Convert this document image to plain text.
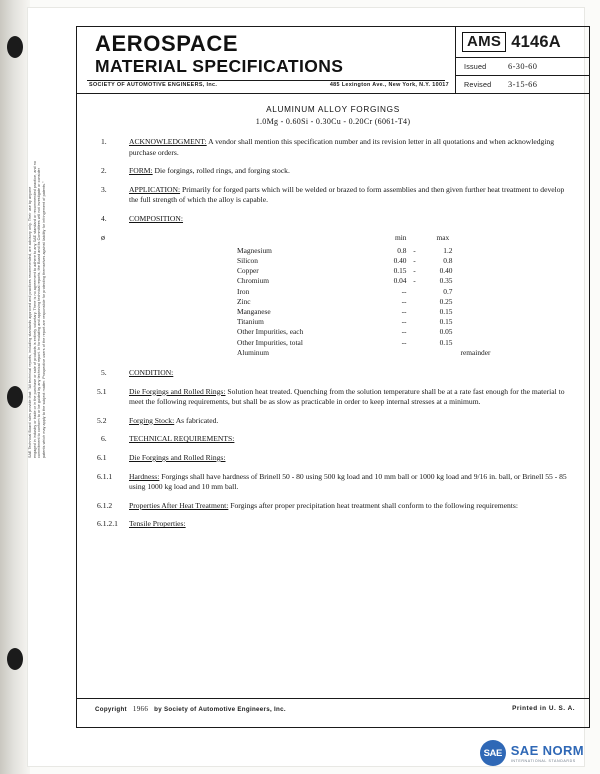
SAE Technical Board rules provide that: "All technical reports, including standards approved and practices recommended, are advisory only. Their use by anyone engaged in industry or trade or in the purchase or sale of products is entirely voluntary. There is no agreement to adhere to any SAE standard or recommended practice, and no commitment to conform to or be guided by any technical report. In formulating and approving technical reports, the Board and its Committees will not investigate or consider patents which may apply to the subject matter. Prospective users of the report are responsible for protecting themselves against liability for infringement of patents."
AEROSPACE
MATERIAL SPECIFICATIONS
SOCIETY OF AUTOMOTIVE ENGINEERS, Inc.	485 Lexington Ave., New York, N.Y. 10017
AMS 4146A
Issued	6-30-60
Revised	3-15-66
ALUMINUM ALLOY FORGINGS
1.0Mg - 0.60Si - 0.30Cu - 0.20Cr (6061-T4)
1.	ACKNOWLEDGMENT: A vendor shall mention this specification number and its revision letter in all quotations and when acknowledging purchase orders.
2.	FORM: Die forgings, rolled rings, and forging stock.
3.	APPLICATION: Primarily for forged parts which will be welded or brazed to form assemblies and then given further heat treatment to develop the full strength of which the alloy is capable.
4.	COMPOSITION:
ø
		min		max	
Magnesium	0.8	-	1.2	
Silicon	0.40	-	0.8	
Copper	0.15	-	0.40	
Chromium	0.04	-	0.35	
Iron	--		0.7	
Zinc	--		0.25	
Manganese	--		0.15	
Titanium	--		0.15	
Other Impurities, each	--		0.05	
Other Impurities, total	--		0.15	
Aluminum				remainder
5.	CONDITION:
5.1	Die Forgings and Rolled Rings: Solution heat treated. Quenching from the solution temperature shall be at a rate fast enough for the material to meet the following requirements, but shall be as slow as practicable in order to keep internal stresses at a minimum.
5.2	Forging Stock: As fabricated.
6.	TECHNICAL REQUIREMENTS:
6.1	Die Forgings and Rolled Rings:
6.1.1 Hardness: Forgings shall have hardness of Brinell 50 - 80 using 500 kg load and 10 mm ball or 1000 kg load and 9/16 in. ball, or Brinell 55 - 85 using 1000 kg load and 10 mm ball.
6.1.2 Properties After Heat Treatment: Forgings after proper precipitation heat treatment shall conform to the following requirements:
6.1.2.1 Tensile Properties:
Copyright 1966 by Society of Automotive Engineers, Inc.	Printed in U. S. A.
SAE SAE NORM
INTERNATIONAL STANDARDS
